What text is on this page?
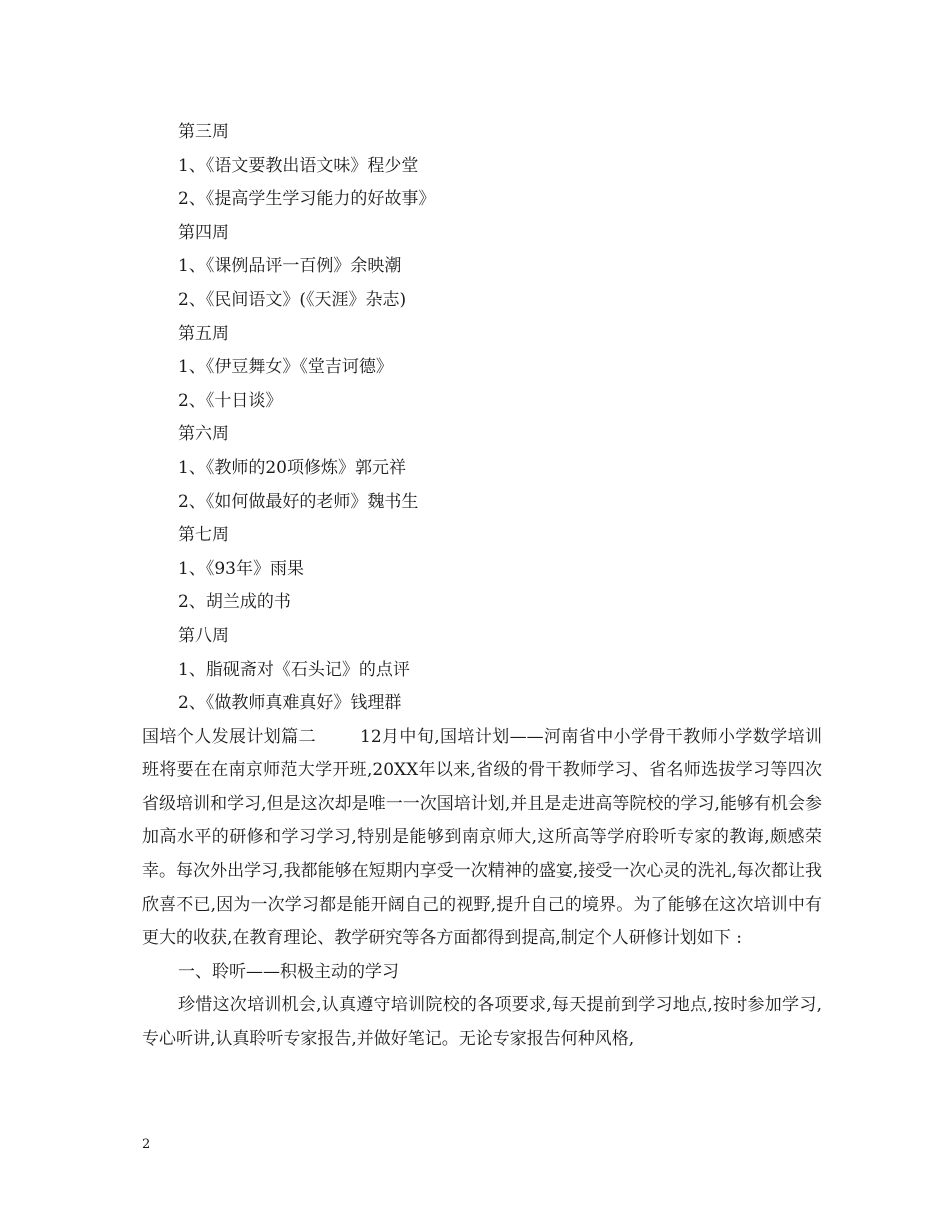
第三周
1、《语文要教出语文味》程少堂
2、《提高学生学习能力的好故事》
第四周
1、《课例品评一百例》余映潮
2、《民间语文》(《天涯》杂志)
第五周
1、《伊豆舞女》《堂吉诃德》
2、《十日谈》
第六周
1、《教师的20项修炼》郭元祥
2、《如何做最好的老师》魏书生
第七周
1、《93年》雨果
2、胡兰成的书
第八周
1、脂砚斋对《石头记》的点评
2、《做教师真难真好》钱理群

国培个人发展计划篇二	12月中旬,国培计划——河南省中小学骨干教师小学数学培训班将要在在南京师范大学开班,20XX年以来,省级的骨干教师学习、省名师选拔学习等四次省级培训和学习,但是这次却是唯一一次国培计划,并且是走进高等院校的学习,能够有机会参加高水平的研修和学习学习,特别是能够到南京师大,这所高等学府聆听专家的教诲,颇感荣幸。每次外出学习,我都能够在短期内享受一次精神的盛宴,接受一次心灵的洗礼,每次都让我欣喜不已,因为一次学习都是能开阔自己的视野,提升自己的境界。为了能够在这次培训中有更大的收获,在教育理论、教学研究等各方面都得到提高,制定个人研修计划如下 :

一、聆听——积极主动的学习

珍惜这次培训机会,认真遵守培训院校的各项要求,每天提前到学习地点,按时参加学习,专心听讲,认真聆听专家报告,并做好笔记。无论专家报告何种风格,

2
